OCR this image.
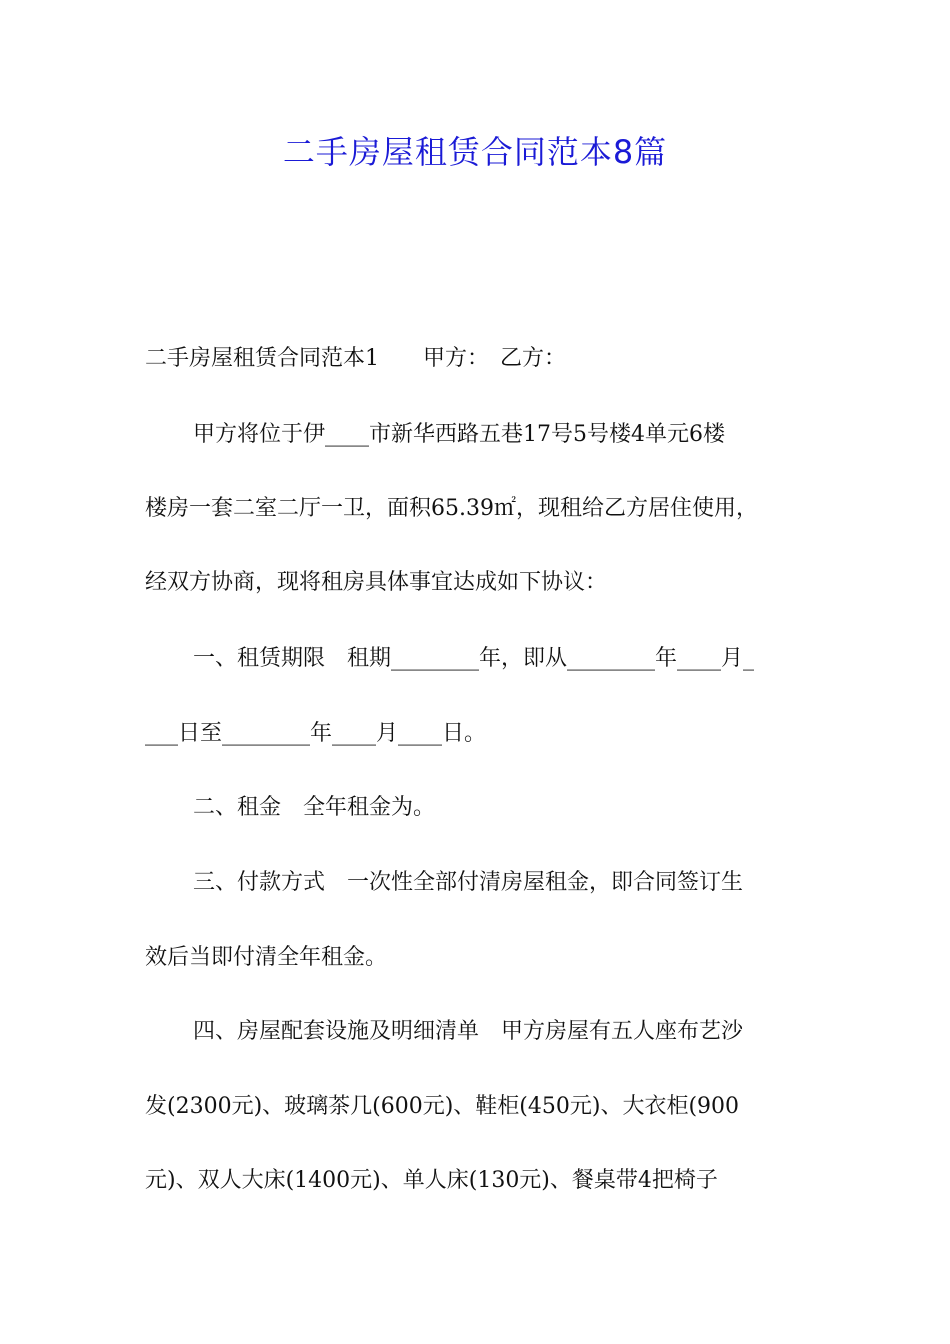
二手房屋租赁合同范本8篇

二手房屋租赁合同范本1　　甲方：　乙方：

甲方将位于伊____市新华西路五巷17号5号楼4单元6楼

楼房一套二室二厅一卫，面积65.39㎡，现租给乙方居住使用，

经双方协商，现将租房具体事宜达成如下协议：

一、租赁期限　租期________年，即从________年____月_

___日至________年____月____日。

二、租金　全年租金为。

三、付款方式　一次性全部付清房屋租金，即合同签订生

效后当即付清全年租金。

四、房屋配套设施及明细清单　甲方房屋有五人座布艺沙

发(2300元)、玻璃茶几(600元)、鞋柜(450元)、大衣柜(900

元)、双人大床(1400元)、单人床(130元)、餐桌带4把椅子
